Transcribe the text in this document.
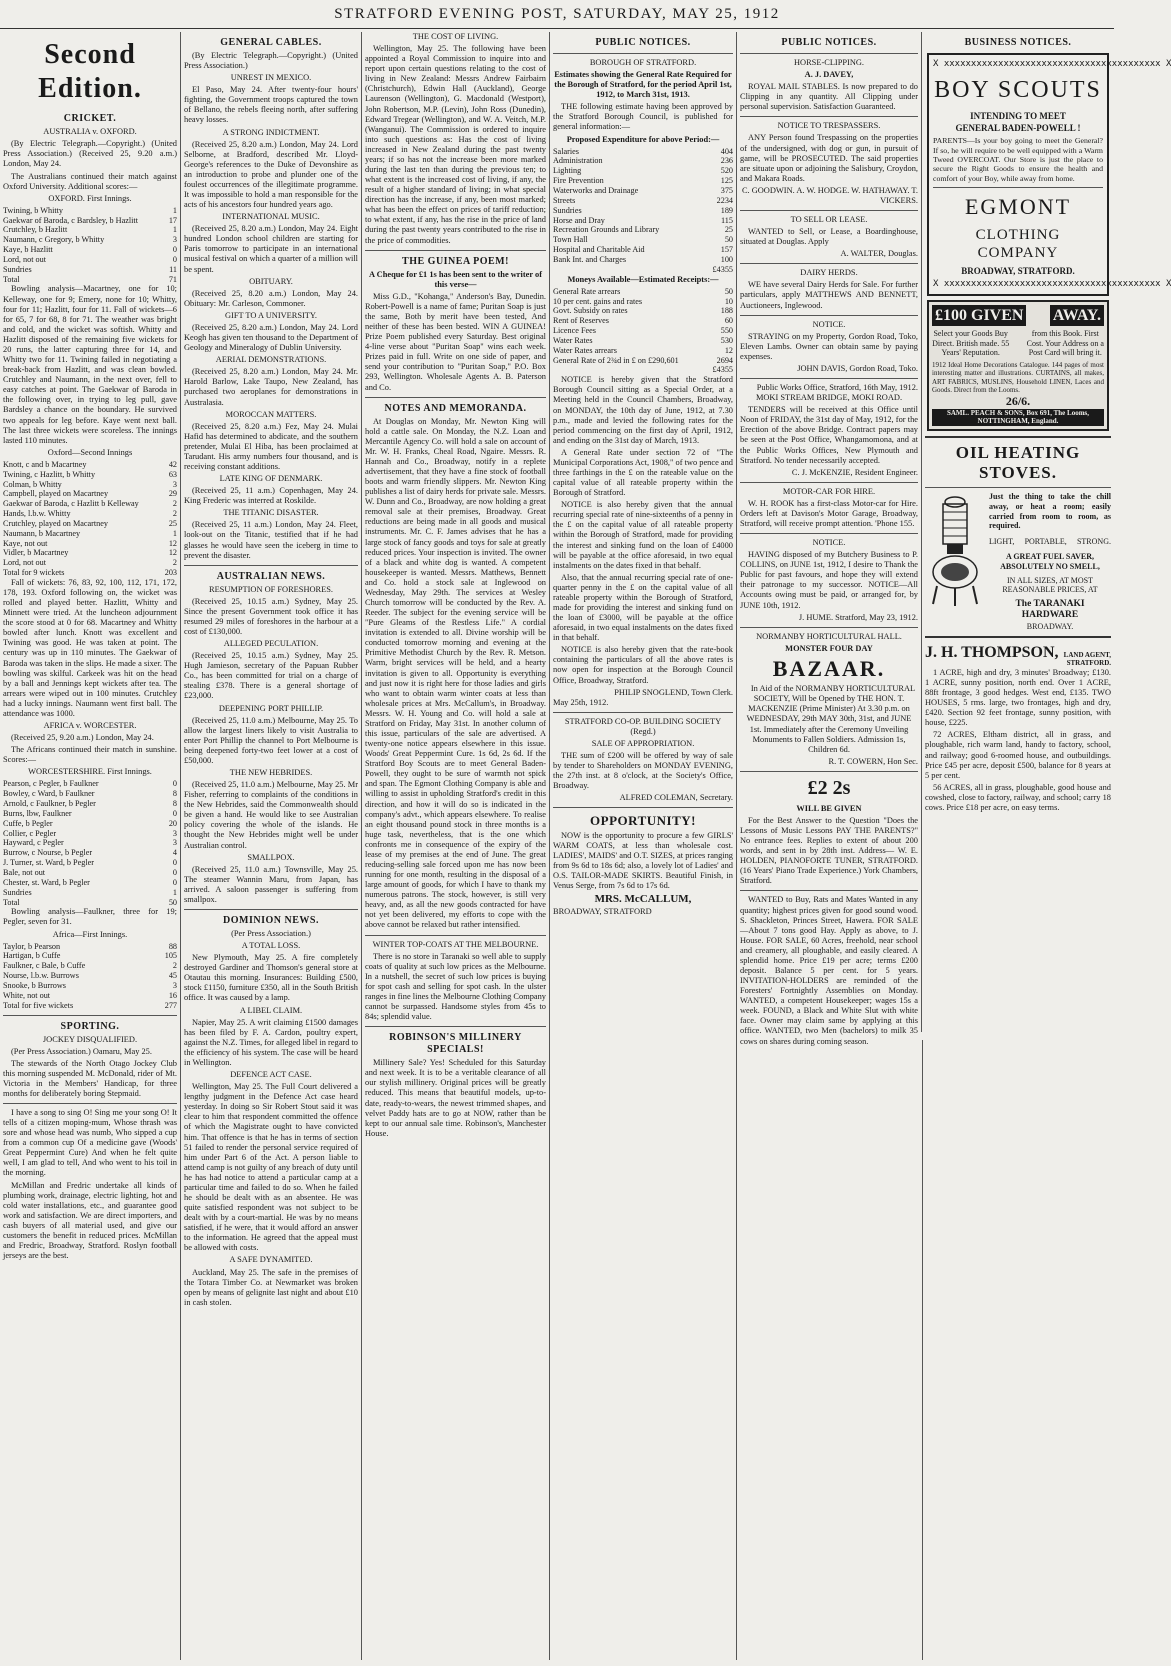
STRATFORD EVENING POST, SATURDAY, MAY 25, 1912
Second Edition.
CRICKET.
AUSTRALIA v. OXFORD.

(By Electric Telegraph.—Copyright.) (United Press Association.) (Received 25, 9.20 a.m.) London, May 24.

The Australians continued their match against Oxford University. Additional scores:—

OXFORD. First Innings.
Twining, b Whitty	1
Gaekwar of Baroda, c Bardsley, b Hazlitt	17
Crutchley, b Hazlitt	1
Naumann, c Gregory, b Whitty	3
Kaye, b Hazlitt	0
Lord, not out	0
Sundries	11
Total	71

Bowling analysis—Macartney, one for 10; Kelleway, one for 9; Emery, none for 10; Whitty, four for 11; Hazlitt, four for 11. Fall of wickets—6 for 65, 7 for 68, 8 for 71. The weather was bright and cold, and the wicket was softish. Whitty and Hazlitt disposed of the remaining five wickets for 20 runs, the latter capturing three for 14, and Whitty two for 11. Twining failed in negotiating a break-back from Hazlitt, and was clean bowled. Crutchley and Naumann, in the next over, fell to easy catches at point. The Gaekwar of Baroda in the following over, in trying to leg pull, gave Bardsley a chance on the boundary. He survived two appeals for leg before. Kaye went next ball. The last three wickets were scoreless. The innings lasted 110 minutes.

Oxford—Second Innings
Knott, c and b Macartney	42
Twining, c Hazlitt, b Whitty	63
Colman, b Whitty	3
Campbell, played on Macartney	29
Gaekwar of Baroda, c Hazlitt b Kelleway	2
Hands, l.b.w. Whitty	2
Crutchley, played on Macartney	25
Naumann, b Macartney	1
Kaye, not out	12
Vidler, b Macartney	12
Lord, not out	2
Total for 9 wickets	203

Fall of wickets: 76, 83, 92, 100, 112, 171, 172, 178, 193. Oxford following on, the wicket was rolled and played better. Hazlitt, Whitty and Minnett were tried. At the luncheon adjournment the score stood at 0 for 68. Macartney and Whitty bowled after lunch. Knott was excellent and Twining was good. He was taken at point. The century was up in 110 minutes. The Gaekwar of Baroda was taken in the slips. He made a sixer. The bowling was skilful. Carkeek was hit on the head by a ball and Jennings kept wickets after tea. The arrears were wiped out in 100 minutes. Crutchley had a lucky innings. Naumann went first ball. The attendance was 1000.

AFRICA v. WORCESTER.

(Received 25, 9.20 a.m.) London, May 24.

The Africans continued their match in sunshine. Scores:—

WORCESTERSHIRE. First Innings.
Pearson, c Pegler, b Faulkner	0
Bowley, c Ward, b Faulkner	8
Arnold, c Faulkner, b Pegler	8
Burns, lbw, Faulkner	0
Cuffe, b Pegler	20
Collier, c Pegler	3
Hayward, c Pegler	3
Burrow, c Nourse, b Pegler	4
J. Turner, st. Ward, b Pegler	0
Bale, not out	0
Chester, st. Ward, b Pegler	0
Sundries	1
Total	50

Bowling analysis—Faulkner, three for 19; Pegler, seven for 31.

Africa—First Innings.
Taylor, b Pearson	88
Hartigan, b Cuffe	105
Faulkner, c Bale, b Cuffe	2
Nourse, l.b.w. Burrows	45
Snooke, b Burrows	3
White, not out	16
Total for five wickets	277
SPORTING.
JOCKEY DISQUALIFIED.

(Per Press Association.) Oamaru, May 25.

The stewards of the North Otago Jockey Club this morning suspended M. McDonald, rider of Mt. Victoria in the Members' Handicap, for three months for deliberately boring Stepmaid.

I have a song to sing O! Sing me your song O! It tells of a citizen moping-mum, Whose thrash was sore and whose head was numb, Who sipped a cup from a common cup Of a medicine gave (Woods' Great Peppermint Cure) And when he felt quite well, I am glad to tell, And who went to his toil in the morning.

McMillan and Fredric undertake all kinds of plumbing work, drainage, electric lighting, hot and cold water installations, etc., and guarantee good work and satisfaction. We are direct importers, and cash buyers of all material used, and give our customers the benefit in reduced prices. McMillan and Fredric, Broadway, Stratford. Roslyn football jerseys are the best.

GENERAL CABLES.

(By Electric Telegraph.—Copyright.) (United Press Association.)

UNREST IN MEXICO.

El Paso, May 24. After twenty-four hours' fighting, the Government troops captured the town of Bellano, the rebels fleeing north, after suffering heavy losses.

A STRONG INDICTMENT.

(Received 25, 8.20 a.m.) London, May 24. Lord Selborne, at Bradford, described Mr. Lloyd-George's references to the Duke of Devonshire as an introduction to probe and plunder one of the foulest occurrences of the illegitimate programme. It was impossible to hold a man responsible for the acts of his ancestors four hundred years ago.

INTERNATIONAL MUSIC.

(Received 25, 8.20 a.m.) London, May 24. Eight hundred London school children are starting for Paris tomorrow to participate in an international musical festival on which a quarter of a million will be spent.

OBITUARY.

(Received 25, 8.20 a.m.) London, May 24. Obituary: Mr. Carleson, Commoner.

GIFT TO A UNIVERSITY.

(Received 25, 8.20 a.m.) London, May 24. Lord Keogh has given ten thousand to the Department of Geology and Mineralogy of Dublin University.

AERIAL DEMONSTRATIONS.

(Received 25, 8.20 a.m.) London, May 24. Mr. Harold Barlow, Lake Taupo, New Zealand, has purchased two aeroplanes for demonstrations in Australasia.

MOROCCAN MATTERS.

(Received 25, 8.20 a.m.) Fez, May 24. Mulai Hafid has determined to abdicate, and the southern pretender, Mulai El Hiba, has been proclaimed at Tarudant. His army numbers four thousand, and is receiving constant additions.

LATE KING OF DENMARK.

(Received 25, 11 a.m.) Copenhagen, May 24. King Frederic was interred at Roskilde.

THE TITANIC DISASTER.

(Received 25, 11 a.m.) London, May 24. Fleet, look-out on the Titanic, testified that if he had glasses he would have seen the iceberg in time to prevent the disaster.

AUSTRALIAN NEWS.
RESUMPTION OF FORESHORES.

(Received 25, 10.15 a.m.) Sydney, May 25. Since the present Government took office it has resumed 29 miles of foreshores in the harbour at a cost of £130,000.

ALLEGED PECULATION.

(Received 25, 10.15 a.m.) Sydney, May 25. Hugh Jamieson, secretary of the Papuan Rubber Co., has been committed for trial on a charge of stealing £378. There is a general shortage of £23,000.

DEEPENING PORT PHILLIP.

(Received 25, 11.0 a.m.) Melbourne, May 25. To allow the largest liners likely to visit Australia to enter Port Phillip the channel to Port Melbourne is being deepened forty-two feet lower at a cost of £50,000.

THE NEW HEBRIDES.

(Received 25, 11.0 a.m.) Melbourne, May 25. Mr Fisher, referring to complaints of the conditions in the New Hebrides, said the Commonwealth should be given a hand. He would like to see Australian policy covering the whole of the islands. He thought the New Hebrides might well be under Australian control.

SMALLPOX.

(Received 25, 11.0 a.m.) Townsville, May 25. The steamer Wannin Maru, from Japan, has arrived. A saloon passenger is suffering from smallpox.

DOMINION NEWS.
(Per Press Association.)
A TOTAL LOSS.

New Plymouth, May 25. A fire completely destroyed Gardiner and Thomson's general store at Otautau this morning. Insurances: Building £500, stock £1150, furniture £350, all in the South British office. It was caused by a lamp.

A LIBEL CLAIM.

Napier, May 25. A writ claiming £1500 damages has been filed by F. A. Cardon, poultry expert, against the N.Z. Times, for alleged libel in regard to the efficiency of his system. The case will be heard in Wellington.

DEFENCE ACT CASE.

Wellington, May 25. The Full Court delivered a lengthy judgment in the Defence Act case heard yesterday. In doing so Sir Robert Stout said it was clear to him that respondent committed the offence of which the Magistrate ought to have convicted him. That offence is that he has in terms of section 51 failed to render the personal service required of him under Part 6 of the Act. A person liable to attend camp is not guilty of any breach of duty until he has had notice to attend a particular camp at a particular time and failed to do so. When he failed he should be dealt with as an absentee. He was quite satisfied respondent was not subject to be dealt with by a court-martial. He was by no means satisfied, if he were, that it would afford an answer to the information. He agreed that the appeal must be allowed with costs.

A SAFE DYNAMITED.

Auckland, May 25. The safe in the premises of the Totara Timber Co. at Newmarket was broken open by means of gelignite last night and about £10 in cash stolen.

THE COST OF LIVING.

Wellington, May 25. The following have been appointed a Royal Commission to inquire into and report upon certain questions relating to the cost of living in New Zealand: Messrs Andrew Fairbairn (Christchurch), Edwin Hall (Auckland), George Laurenson (Wellington), G. Macdonald (Westport), John Robertson, M.P. (Levin), John Ross (Dunedin), Edward Tregear (Wellington), and W. A. Veitch, M.P. (Wanganui). The Commission is ordered to inquire into such questions as: Has the cost of living increased in New Zealand during the past twenty years; if so has not the increase been more marked during the last ten than during the previous ten; to what extent is the increased cost of living, if any, the result of a higher standard of living; in what special direction has the increase, if any, been most marked; what has been the effect on prices of tariff reduction; to what extent, if any, has the rise in the price of land during the past twenty years contributed to the rise in the price of commodities.

THE GUINEA POEM!
A Cheque for £1 1s has been sent to the writer of this verse—

Miss G.D., "Kohanga," Anderson's Bay, Dunedin. Robert-Powell is a name of fame; Puritan Soap is just the same, Both by merit have been tested, And neither of these has been bested. WIN A GUINEA! Prize Poem published every Saturday. Best original 4-line verse about "Puritan Soap" wins each week. Prizes paid in full. Write on one side of paper, and send your contribution to "Puritan Soap," P.O. Box 293, Wellington. Wholesale Agents A. B. Paterson and Co.

NOTES AND MEMORANDA.

At Douglas on Monday, Mr. Newton King will hold a cattle sale. On Monday, the N.Z. Loan and Mercantile Agency Co. will hold a sale on account of Mr. W. H. Franks, Cheal Road, Ngaire. Messrs. R. Hannah and Co., Broadway, notify in a replete advertisement, that they have a fine stock of football boots and warm friendly slippers. Mr. Newton King publishes a list of dairy herds for private sale. Messrs. W. Dunn and Co., Broadway, are now holding a great removal sale at their premises, Broadway. Great reductions are being made in all goods and musical instruments. Mr. C. F. James advises that he has a large stock of fancy goods and toys for sale at greatly reduced prices. Your inspection is invited. The owner of a black and white dog is wanted. A competent housekeeper is wanted. Messrs. Matthews, Bennett and Co. hold a stock sale at Inglewood on Wednesday, May 29th. The services at Wesley Church tomorrow will be conducted by the Rev. A. Reeder. The subject for the evening service will be "Pure Gleams of the Restless Life." A cordial invitation is extended to all. Divine worship will be conducted tomorrow morning and evening at the Primitive Methodist Church by the Rev. R. Metson. Warm, bright services will be held, and a hearty invitation is given to all. Opportunity is everything and just now it is right here for those ladies and girls who want to obtain warm winter coats at less than wholesale prices at Mrs. McCallum's, in Broadway. Messrs. W. H. Young and Co. will hold a sale at Stratford on Friday, May 31st. In another column of this issue, particulars of the sale are advertised. A twenty-one notice appears elsewhere in this issue. Woods' Great Peppermint Cure. 1s 6d, 2s 6d. If the Stratford Boy Scouts are to meet General Baden-Powell, they ought to be sure of warmth not spick and span. The Egmont Clothing Company is able and willing to assist in upholding Stratford's credit in this direction, and how it will do so is indicated in the company's advt., which appears elsewhere. To realise an eight thousand pound stock in three months is a huge task, nevertheless, that is the one which confronts me in consequence of the expiry of the lease of my premises at the end of June. The great reducing-selling sale forced upon me has now been running for one month, resulting in the disposal of a large amount of goods, for which I have to thank my numerous patrons. The stock, however, is still very heavy, and, as all the new goods contracted for have not yet been delivered, my efforts to cope with the above cannot be relaxed but rather intensified.

WINTER TOP-COATS AT THE MELBOURNE.

There is no store in Taranaki so well able to supply coats of quality at such low prices as the Melbourne. In a nutshell, the secret of such low prices is buying for spot cash and selling for spot cash. In the ulster ranges in fine lines the Melbourne Clothing Company cannot be surpassed. Handsome styles from 45s to 84s; splendid value.

ROBINSON'S MILLINERY SPECIALS!

Millinery Sale? Yes! Scheduled for this Saturday and next week. It is to be a veritable clearance of all our stylish millinery. Original prices will be greatly reduced. This means that beautiful models, up-to-date, ready-to-wears, the newest trimmed shapes, and velvet Paddy hats are to go at NOW, rather than be kept to our annual sale time. Robinson's, Manchester House.

PUBLIC NOTICES.
BOROUGH OF STRATFORD.
Estimates showing the General Rate Required for the Borough of Stratford, for the period April 1st, 1912, to March 31st, 1913.

THE following estimate having been approved by the Stratford Borough Council, is published for general information:—

Proposed Expenditure for above Period:—
Salaries	404
Administration	236
Lighting	520
Fire Prevention	125
Waterworks and Drainage	375
Streets	2234
Sundries	189
Horse and Dray	115
Recreation Grounds and Library	25
Town Hall	50
Hospital and Charitable Aid	157
Bank Int. and Charges	100
	£4355
Moneys Available—Estimated Receipts:—
General Rate arrears	50
10 per cent. gains and rates	10
Govt. Subsidy on rates	188
Rent of Reserves	60
Licence Fees	550
Water Rates	530
Water Rates arrears	12
General Rate of 2¾d in £ on £290,601	2694
	£4355

NOTICE is hereby given that the Stratford Borough Council sitting as a Special Order, at a Meeting held in the Council Chambers, Broadway, on MONDAY, the 10th day of June, 1912, at 7.30 p.m., made and levied the following rates for the period commencing on the first day of April, 1912, and ending on the 31st day of March, 1913.

A General Rate under section 72 of "The Municipal Corporations Act, 1908," of two pence and three farthings in the £ on the rateable value on the capital value of all rateable property within the Borough of Stratford.

NOTICE is also hereby given that the annual recurring special rate of nine-sixteenths of a penny in the £ on the capital value of all rateable property within the Borough of Stratford, made for providing the interest and sinking fund on the loan of £4000 will be payable at the office aforesaid, in two equal instalments on the dates fixed in that behalf.

Also, that the annual recurring special rate of one-quarter penny in the £ on the capital value of all rateable property within the Borough of Stratford, made for providing the interest and sinking fund on the loan of £3000, will be payable at the office aforesaid, in two equal instalments on the dates fixed in that behalf.

NOTICE is also hereby given that the rate-book containing the particulars of all the above rates is now open for inspection at the Borough Council Office, Broadway, Stratford.

PHILIP SNOGLEND, Town Clerk.
May 25th, 1912.
STRATFORD CO-OP. BUILDING SOCIETY (Regd.)
SALE OF APPROPRIATION.

THE sum of £200 will be offered by way of sale by tender to Shareholders on MONDAY EVENING, the 27th inst. at 8 o'clock, at the Society's Office, Broadway.

ALFRED COLEMAN, Secretary.
OPPORTUNITY!

NOW is the opportunity to procure a few GIRLS' WARM COATS, at less than wholesale cost. LADIES', MAIDS' and O.T. SIZES, at prices ranging from 9s 6d to 18s 6d; also, a lovely lot of Ladies' and O.S. TAILOR-MADE SKIRTS. Beautiful Finish, in Venus Serge, from 7s 6d to 17s 6d.

MRS. McCALLUM,
BROADWAY, STRATFORD
PUBLIC NOTICES.
HORSE-CLIPPING.
A. J. DAVEY,

ROYAL MAIL STABLES. Is now prepared to do Clipping in any quantity. All Clipping under personal supervision. Satisfaction Guaranteed.

NOTICE TO TRESPASSERS.

ANY Person found Trespassing on the properties of the undersigned, with dog or gun, in pursuit of game, will be PROSECUTED. The said properties are situate upon or adjoining the Salisbury, Croydon, and Makara Roads.

C. GOODWIN. A. W. HODGE. W. HATHAWAY. T. VICKERS.
TO SELL OR LEASE.

WANTED to Sell, or Lease, a Boardinghouse, situated at Douglas. Apply

A. WALTER, Douglas.
DAIRY HERDS.

WE have several Dairy Herds for Sale. For further particulars, apply MATTHEWS AND BENNETT, Auctioneers, Inglewood.

NOTICE.

STRAYING on my Property, Gordon Road, Toko, Eleven Lambs. Owner can obtain same by paying expenses.

JOHN DAVIS, Gordon Road, Toko.
Public Works Office, Stratford, 16th May, 1912.
MOKI STREAM BRIDGE, MOKI ROAD.

TENDERS will be received at this Office until Noon of FRIDAY, the 31st day of May, 1912, for the Erection of the above Bridge. Contract papers may be seen at the Post Office, Whangamomona, and at the Public Works Offices, New Plymouth and Stratford. No tender necessarily accepted.

C. J. McKENZIE, Resident Engineer.
MOTOR-CAR FOR HIRE.

W. H. ROOK has a first-class Motor-car for Hire. Orders left at Davison's Motor Garage, Broadway, Stratford, will receive prompt attention. 'Phone 155.

NOTICE.

HAVING disposed of my Butchery Business to P. COLLINS, on JUNE 1st, 1912, I desire to Thank the Public for past favours, and hope they will extend their patronage to my successor. NOTICE—All Accounts owing must be paid, or arranged for, by JUNE 10th, 1912.

J. HUME. Stratford, May 23, 1912.
NORMANBY HORTICULTURAL HALL.
MONSTER FOUR DAY
BAZAAR.

In Aid of the NORMANBY HORTICULTURAL SOCIETY, Will be Opened by THE HON. T. MACKENZIE (Prime Minister) At 3.30 p.m. on WEDNESDAY, 29th MAY 30th, 31st, and JUNE 1st. Immediately after the Ceremony Unveiling Monuments to Fallen Soldiers. Admission 1s, Children 6d.

R. T. COWERN, Hon Sec.
£2 2s
WILL BE GIVEN

For the Best Answer to the Question "Does the Lessons of Music Lessons PAY THE PARENTS?" No entrance fees. Replies to extent of about 200 words, and sent in by 28th inst. Address— W. E. HOLDEN, PIANOFORTE TUNER, STRATFORD. (16 Years' Piano Trade Experience.) York Chambers, Stratford.

WANTED to Buy, Rats and Mates Wanted in any quantity; highest prices given for good sound wood. S. Shackleton, Princes Street, Hawera. FOR SALE—About 7 tons good Hay. Apply as above, to J. House. FOR SALE, 60 Acres, freehold, near school and creamery, all ploughable, and easily cleared. A splendid home. Price £19 per acre; terms £200 deposit. Balance 5 per cent. for 5 years. INVITATION-HOLDERS are reminded of the Foresters' Fortnightly Assemblies on Monday. WANTED, a competent Housekeeper; wages 15s a week. FOUND, a Black and White Slut with white face. Owner may claim same by applying at this office. WANTED, two Men (bachelors) to milk 35 cows on shares during coming season.

BUSINESS NOTICES.
X xxxxxxxxxxxxxxxxxxxxxxxxxxxxxxxxxxxxxxxx X
BOY SCOUTS
INTENDING TO MEET
GENERAL BADEN-POWELL !

PARENTS—Is your boy going to meet the General? If so, he will require to be well equipped with a Warm Tweed OVERCOAT. Our Store is just the place to secure the Right Goods to ensure the health and comfort of your Boy, while away from home.

EGMONT
CLOTHING COMPANY
BROADWAY, STRATFORD.
X xxxxxxxxxxxxxxxxxxxxxxxxxxxxxxxxxxxxxxxx X
£100 GIVEN AWAY.
Select your Goods Buy Direct. British made. 55 Years' Reputation.
from this Book. First Cost. Your Address on a Post Card will bring it.
1912 Ideal Home Decorations Catalogue. 144 pages of most interesting matter and illustrations. CURTAINS, all makes, ART FABRICS, MUSLINS, Household LINEN, Laces and Goods. Direct from the Looms.
26/6.
SAML. PEACH & SONS, Box 691, The Looms, NOTTINGHAM, England.
OIL HEATING STOVES.
Just the thing to take the chill away, or heat a room; easily carried from room to room, as required.
LIGHT, PORTABLE, STRONG.
A GREAT FUEL SAVER,
ABSOLUTELY NO SMELL,
IN ALL SIZES, AT MOST REASONABLE PRICES, AT
The TARANAKI HARDWARE
BROADWAY.
J. H. THOMPSON, LAND AGENT, STRATFORD.

1 ACRE, high and dry, 3 minutes' Broadway; £130. 1 ACRE, sunny position, north end. Over 1 ACRE, 88ft frontage, 3 good hedges. West end, £135. TWO HOUSES, 5 rms. large, two frontages, high and dry, £420. Section 92 feet frontage, sunny position, with house, £225.

72 ACRES, Eltham district, all in grass, and ploughable, rich warm land, handy to factory, school, and railway; good 6-roomed house, and outbuildings. Price £45 per acre, deposit £500, balance for 8 years at 5 per cent.

56 ACRES, all in grass, ploughable, good house and cowshed, close to factory, railway, and school; carry 18 cows. Price £18 per acre, on easy terms.
